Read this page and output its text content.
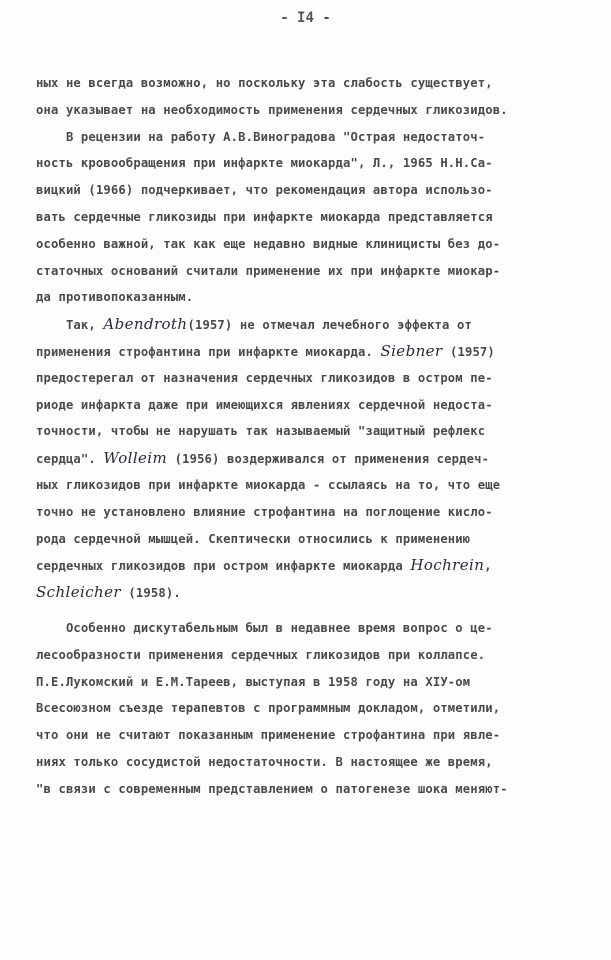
- I4 -
ных не всегда возможно, но поскольку эта слабость существует,
она указывает на необходимость применения сердечных гликозидов.
В рецензии на работу А.В.Виноградова "Острая недостаточ-
ность кровообращения при инфаркте миокарда", Л., 1965 Н.Н.Са-
вицкий (1966) подчеркивает, что рекомендация автора использо-
вать сердечные гликозиды при инфаркте миокарда представляется
особенно важной, так как еще недавно видные клиницисты без до-
статочных оснований считали применение их при инфаркте миокар-
да противопоказанным.
Так, Abendroth(1957) не отмечал лечебного эффекта от
применения строфантина при инфаркте миокарда. Siebner (1957)
предостерегал от назначения сердечных гликозидов в остром пе-
риоде инфаркта даже при имеющихся явлениях сердечной недоста-
точности, чтобы не нарушать так называемый "защитный рефлекс
сердца". Wolleim (1956) воздерживался от применения сердеч-
ных гликозидов при инфаркте миокарда - ссылаясь на то, что еще
точно не установлено влияние строфантина на поглощение кисло-
рода сердечной мышцей. Скептически относились к применению
сердечных гликозидов при остром инфаркте миокарда Hochrein,
Schleicher (1958).
Особенно дискутабельным был в недавнее время вопрос о це-
лесообразности применения сердечных гликозидов при коллапсе.
П.Е.Лукомский и Е.М.Тареев, выступая в 1958 году на XIУ-ом
Всесоюзном съезде терапевтов с программным докладом, отметили,
что они не считают показанным применение строфантина при явле-
ниях только сосудистой недостаточности. В настоящее же время,
"в связи с современным представлением о патогенезе шока меняют-
